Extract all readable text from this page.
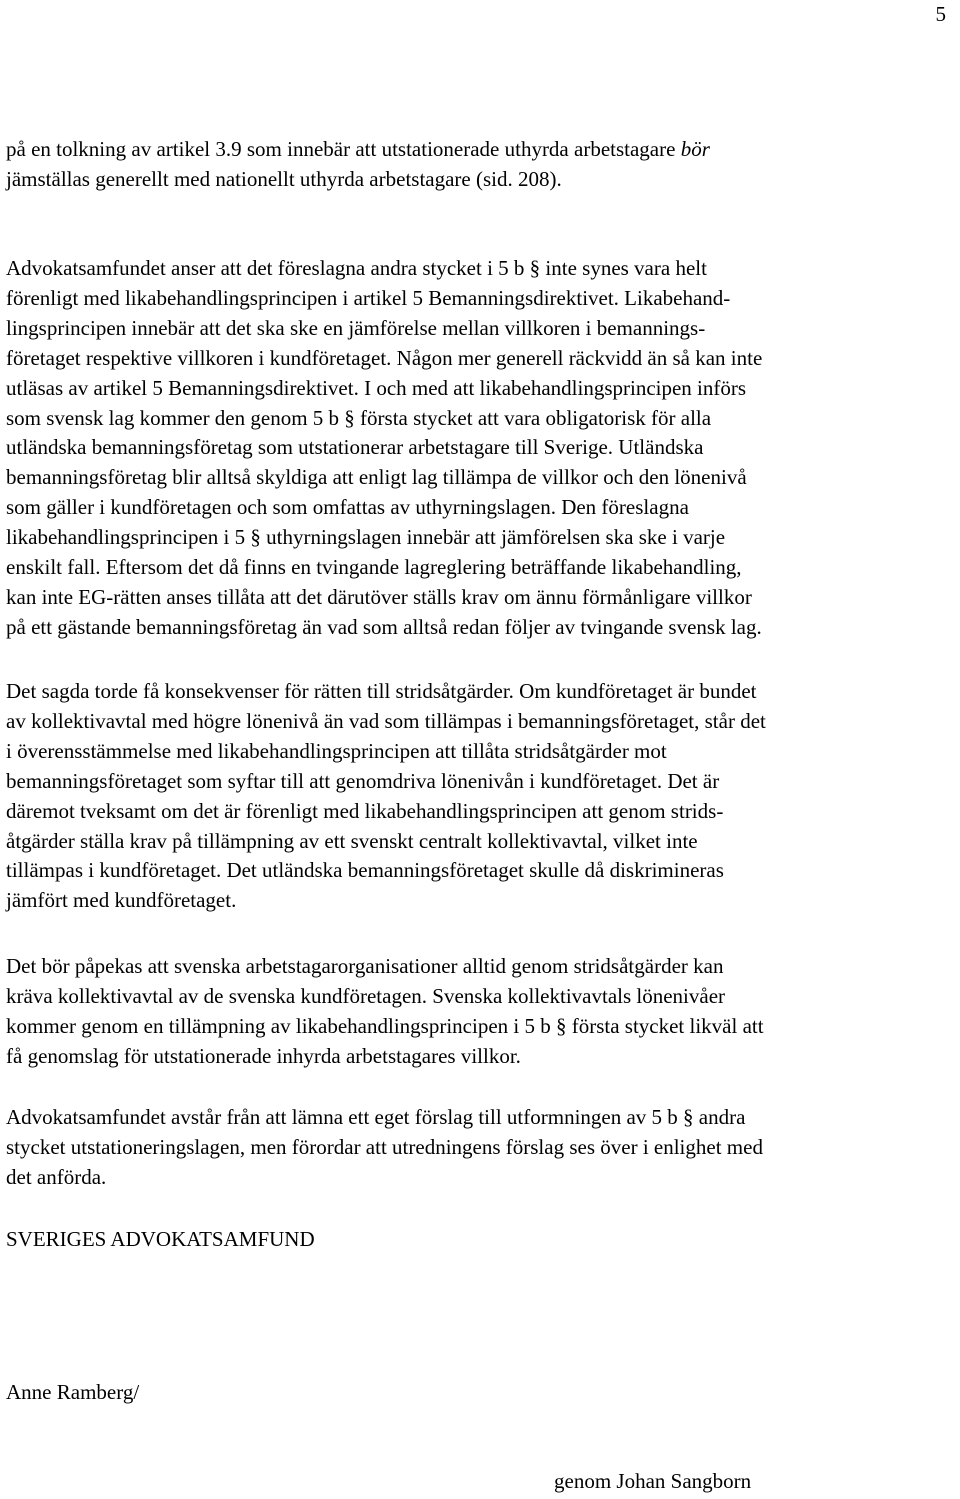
5
på en tolkning av artikel 3.9 som innebär att utstationerade uthyrda arbetstagare bör
jämställas generellt med nationellt uthyrda arbetstagare (sid. 208).
Advokatsamfundet anser att det föreslagna andra stycket i 5 b § inte synes vara helt
förenligt med likabehandlingsprincipen i artikel 5 Bemanningsdirektivet. Likabehand-
lingsprincipen innebär att det ska ske en jämförelse mellan villkoren i bemannings-
företaget respektive villkoren i kundföretaget. Någon mer generell räckvidd än så kan inte
utläsas av artikel 5 Bemanningsdirektivet. I och med att likabehandlingsprincipen införs
som svensk lag kommer den genom 5 b § första stycket att vara obligatorisk för alla
utländska bemanningsföretag som utstationerar arbetstagare till Sverige. Utländska
bemanningsföretag blir alltså skyldiga att enligt lag tillämpa de villkor och den lönenivå
som gäller i kundföretagen och som omfattas av uthyrningslagen. Den föreslagna
likabehandlingsprincipen i 5 § uthyrningslagen innebär att jämförelsen ska ske i varje
enskilt fall. Eftersom det då finns en tvingande lagreglering beträffande likabehandling,
kan inte EG-rätten anses tillåta att det därutöver ställs krav om ännu förmånligare villkor
på ett gästande bemanningsföretag än vad som alltså redan följer av tvingande svensk lag.
Det sagda torde få konsekvenser för rätten till stridsåtgärder. Om kundföretaget är bundet
av kollektivavtal med högre lönenivå än vad som tillämpas i bemanningsföretaget, står det
i överensstämmelse med likabehandlingsprincipen att tillåta stridsåtgärder mot
bemanningsföretaget som syftar till att genomdriva lönenivån i kundföretaget. Det är
däremot tveksamt om det är förenligt med likabehandlingsprincipen att genom strids-
åtgärder ställa krav på tillämpning av ett svenskt centralt kollektivavtal, vilket inte
tillämpas i kundföretaget. Det utländska bemanningsföretaget skulle då diskrimineras
jämfört med kundföretaget.
Det bör påpekas att svenska arbetstagarorganisationer alltid genom stridsåtgärder kan
kräva kollektivavtal av de svenska kundföretagen. Svenska kollektivavtals lönenivåer
kommer genom en tillämpning av likabehandlingsprincipen i 5 b § första stycket likväl att
få genomslag för utstationerade inhyrda arbetstagares villkor.
Advokatsamfundet avstår från att lämna ett eget förslag till utformningen av 5 b § andra
stycket utstationeringslagen, men förordar att utredningens förslag ses över i enlighet med
det anförda.
SVERIGES ADVOKATSAMFUND
Anne Ramberg/
genom Johan Sangborn
